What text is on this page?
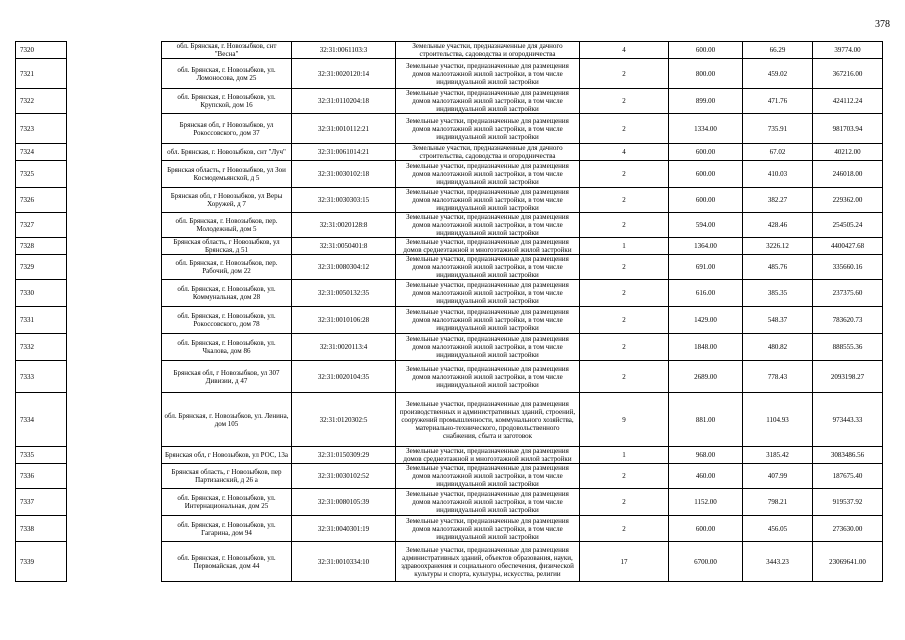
378
7320		обл. Брянская, г. Новозыбков, снт "Весна"	32:31:0061103:3	Земельные участки, предназначенные для дачного строительства, садоводства и огородничества	4	600.00	66.29	39774.00
7321		обл. Брянская, г. Новозыбков, ул. Ломоносова, дом 25	32:31:0020120:14	Земельные участки, предназначенные для размещения домов малоэтажной жилой застройки, в том числе индивидуальной жилой застройки	2	800.00	459.02	367216.00
7322		обл. Брянская, г. Новозыбков, ул. Крупской, дом 16	32:31:0110204:18	Земельные участки, предназначенные для размещения домов малоэтажной жилой застройки, в том числе индивидуальной жилой застройки	2	899.00	471.76	424112.24
7323		Брянская обл, г Новозыбков, ул Рокоссовского, дом 37	32:31:0010112:21	Земельные участки, предназначенные для размещения домов малоэтажной жилой застройки, в том числе индивидуальной жилой застройки	2	1334.00	735.91	981703.94
7324		обл. Брянская, г. Новозыбков, снт "Луч"	32:31:0061014:21	Земельные участки, предназначенные для дачного строительства, садоводства и огородничества	4	600.00	67.02	40212.00
7325		Брянская область, г Новозыбков, ул Зои Космодемьянской, д 5	32:31:0030102:18	Земельные участки, предназначенные для размещения домов малоэтажной жилой застройки, в том числе индивидуальной жилой застройки	2	600.00	410.03	246018.00
7326		Брянская обл, г Новозыбков, ул Веры Хоружей, д 7	32:31:0030303:15	Земельные участки, предназначенные для размещения домов малоэтажной жилой застройки, в том числе индивидуальной жилой застройки	2	600.00	382.27	229362.00
7327		обл. Брянская, г. Новозыбков, пер. Молодежный, дом 5	32:31:0020128:8	Земельные участки, предназначенные для размещения домов малоэтажной жилой застройки, в том числе индивидуальной жилой застройки	2	594.00	428.46	254505.24
7328		Брянская область, г Новозыбков, ул Брянская, д 51	32:31:0050401:8	Земельные участки, предназначенные для размещения домов среднеэтажной и многоэтажной жилой застройки	1	1364.00	3226.12	4400427.68
7329		обл. Брянская, г. Новозыбков, пер. Рабочий, дом 22	32:31:0080304:12	Земельные участки, предназначенные для размещения домов малоэтажной жилой застройки, в том числе индивидуальной жилой застройки	2	691.00	485.76	335660.16
7330		обл. Брянская, г. Новозыбков, ул. Коммунальная, дом 28	32:31:0050132:35	Земельные участки, предназначенные для размещения домов малоэтажной жилой застройки, в том числе индивидуальной жилой застройки	2	616.00	385.35	237375.60
7331		обл. Брянская, г. Новозыбков, ул. Рокоссовского, дом 78	32:31:0010106:28	Земельные участки, предназначенные для размещения домов малоэтажной жилой застройки, в том числе индивидуальной жилой застройки	2	1429.00	548.37	783620.73
7332		обл. Брянская, г. Новозыбков, ул. Чкалова, дом 86	32:31:0020113:4	Земельные участки, предназначенные для размещения домов малоэтажной жилой застройки, в том числе индивидуальной жилой застройки	2	1848.00	480.82	888555.36
7333		Брянская обл, г Новозыбков, ул 307 Дивизии, д 47	32:31:0020104:35	Земельные участки, предназначенные для размещения домов малоэтажной жилой застройки, в том числе индивидуальной жилой застройки	2	2689.00	778.43	2093198.27
7334		обл. Брянская, г. Новозыбков, ул. Ленина, дом 105	32:31:0120302:5	Земельные участки, предназначенные для размещения производственных и административных зданий, строений, сооружений промышленности, коммунального хозяйства, материально-технического, продовольственного снабжения, сбыта и заготовок	9	881.00	1104.93	973443.33
7335		Брянская обл, г Новозыбков, ул РОС, 13а	32:31:0150309:29	Земельные участки, предназначенные для размещения домов среднеэтажной и многоэтажной жилой застройки	1	968.00	3185.42	3083486.56
7336		Брянская область, г Новозыбков, пер Партизанский, д 26 а	32:31:0030102:52	Земельные участки, предназначенные для размещения домов малоэтажной жилой застройки, в том числе индивидуальной жилой застройки	2	460.00	407.99	187675.40
7337		обл. Брянская, г. Новозыбков, ул. Интернациональная, дом 25	32:31:0080105:39	Земельные участки, предназначенные для размещения домов малоэтажной жилой застройки, в том числе индивидуальной жилой застройки	2	1152.00	798.21	919537.92
7338		обл. Брянская, г. Новозыбков, ул. Гагарина, дом 94	32:31:0040301:19	Земельные участки, предназначенные для размещения домов малоэтажной жилой застройки, в том числе индивидуальной жилой застройки	2	600.00	456.05	273630.00
7339		обл. Брянская, г. Новозыбков, ул. Первомайская, дом 44	32:31:0010334:10	Земельные участки, предназначенные для размещения административных зданий, объектов образования, науки, здравоохранения и социального обеспечения, физической культуры и спорта, культуры, искусства, религии	17	6700.00	3443.23	23069641.00
